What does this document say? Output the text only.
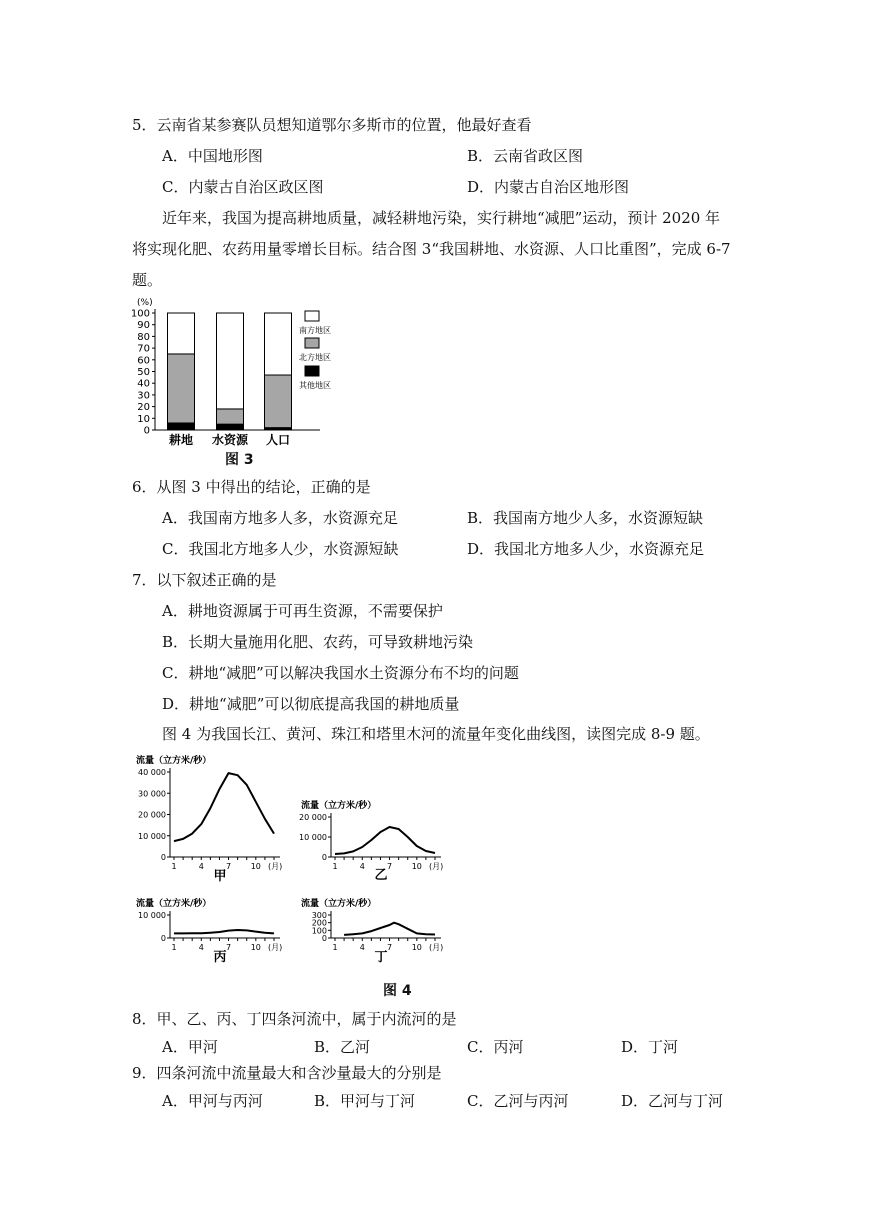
5．云南省某参赛队员想知道鄂尔多斯市的位置，他最好查看
A．中国地形图	B．云南省政区图
C．内蒙古自治区政区图	D．内蒙古自治区地形图
近年来，我国为提高耕地质量，减轻耕地污染，实行耕地“减肥”运动，预计 2020 年
将实现化肥、农药用量零增长目标。结合图 3“我国耕地、水资源、人口比重图”，完成 6-7
题。
(%)
0
10
20
30
40
50
60
70
80
90
100
耕地 水资源 人口
南方地区
北方地区
其他地区
图 3
6．从图 3 中得出的结论，正确的是
A．我国南方地多人多，水资源充足	B．我国南方地少人多，水资源短缺
C．我国北方地多人少，水资源短缺	D．我国北方地多人少，水资源充足
7．以下叙述正确的是
A．耕地资源属于可再生资源，不需要保护
B．长期大量施用化肥、农药，可导致耕地污染
C．耕地“减肥”可以解决我国水土资源分布不均的问题
D．耕地“减肥”可以彻底提高我国的耕地质量
图 4 为我国长江、黄河、珠江和塔里木河的流量年变化曲线图，读图完成 8-9 题。
流量（立方米/秒）
0
10 000
20 000
30 000
40 000
1	4	7 10 (月)
甲
流量（立方米/秒）
0
10 000
20 000
1	4	7 10 (月)
乙
流量（立方米/秒）
0
10 000
1	4	7 10 (月)
丙
流量（立方米/秒）
0
100
200
300
1	4	7 10 (月)
丁
图 4
8．甲、乙、丙、丁四条河流中，属于内流河的是
A．甲河	B．乙河	C．丙河	D．丁河
9．四条河流中流量最大和含沙量最大的分别是
A．甲河与丙河	B．甲河与丁河	C．乙河与丙河	D．乙河与丁河
